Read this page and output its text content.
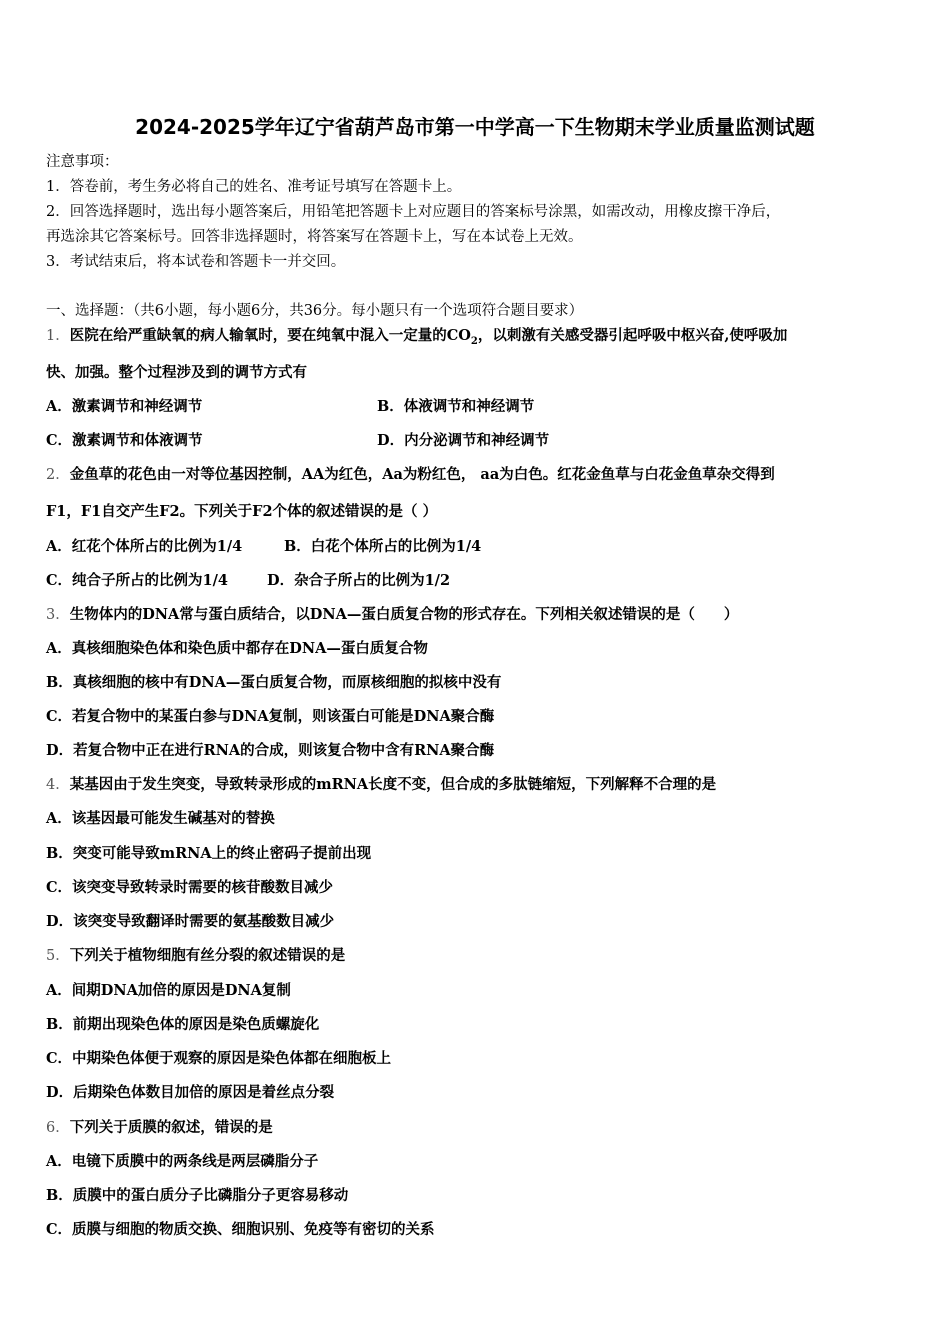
2024-2025学年辽宁省葫芦岛市第一中学高一下生物期末学业质量监测试题
注意事项：
1．答卷前，考生务必将自己的姓名、准考证号填写在答题卡上。
2．回答选择题时，选出每小题答案后，用铅笔把答题卡上对应题目的答案标号涂黑，如需改动，用橡皮擦干净后，
再选涂其它答案标号。回答非选择题时，将答案写在答题卡上，写在本试卷上无效。
3．考试结束后，将本试卷和答题卡一并交回。
一、选择题：（共6小题，每小题6分，共36分。每小题只有一个选项符合题目要求）
1．医院在给严重缺氧的病人输氧时，要在纯氧中混入一定量的$CO_2$，以刺激有关感受器引起呼吸中枢兴奋,使呼吸加
快、加强。整个过程涉及到的调节方式有
A．激素调节和神经调节	B．体液调节和神经调节
C．激素调节和体液调节	D．内分泌调节和神经调节
2．金鱼草的花色由一对等位基因控制，AA为红色，Aa为粉红色， aa为白色。红花金鱼草与白花金鱼草杂交得到
F1，F1自交产生F2。下列关于F2个体的叙述错误的是（ ）
A．红花个体所占的比例为1/4	B．白花个体所占的比例为1/4
C．纯合子所占的比例为1/4	D．杂合子所占的比例为1/2
3．生物体内的DNA常与蛋白质结合，以DNA—蛋白质复合物的形式存在。下列相关叙述错误的是（　　）
A．真核细胞染色体和染色质中都存在DNA—蛋白质复合物
B．真核细胞的核中有DNA—蛋白质复合物，而原核细胞的拟核中没有
C．若复合物中的某蛋白参与DNA复制，则该蛋白可能是DNA聚合酶
D．若复合物中正在进行RNA的合成，则该复合物中含有RNA聚合酶
4．某基因由于发生突变，导致转录形成的mRNA长度不变，但合成的多肽链缩短，下列解释不合理的是
A．该基因最可能发生碱基对的替换
B．突变可能导致mRNA上的终止密码子提前出现
C．该突变导致转录时需要的核苷酸数目减少
D．该突变导致翻译时需要的氨基酸数目减少
5．下列关于植物细胞有丝分裂的叙述错误的是
A．间期DNA加倍的原因是DNA复制
B．前期出现染色体的原因是染色质螺旋化
C．中期染色体便于观察的原因是染色体都在细胞板上
D．后期染色体数目加倍的原因是着丝点分裂
6．下列关于质膜的叙述，错误的是
A．电镜下质膜中的两条线是两层磷脂分子
B．质膜中的蛋白质分子比磷脂分子更容易移动
C．质膜与细胞的物质交换、细胞识别、免疫等有密切的关系
